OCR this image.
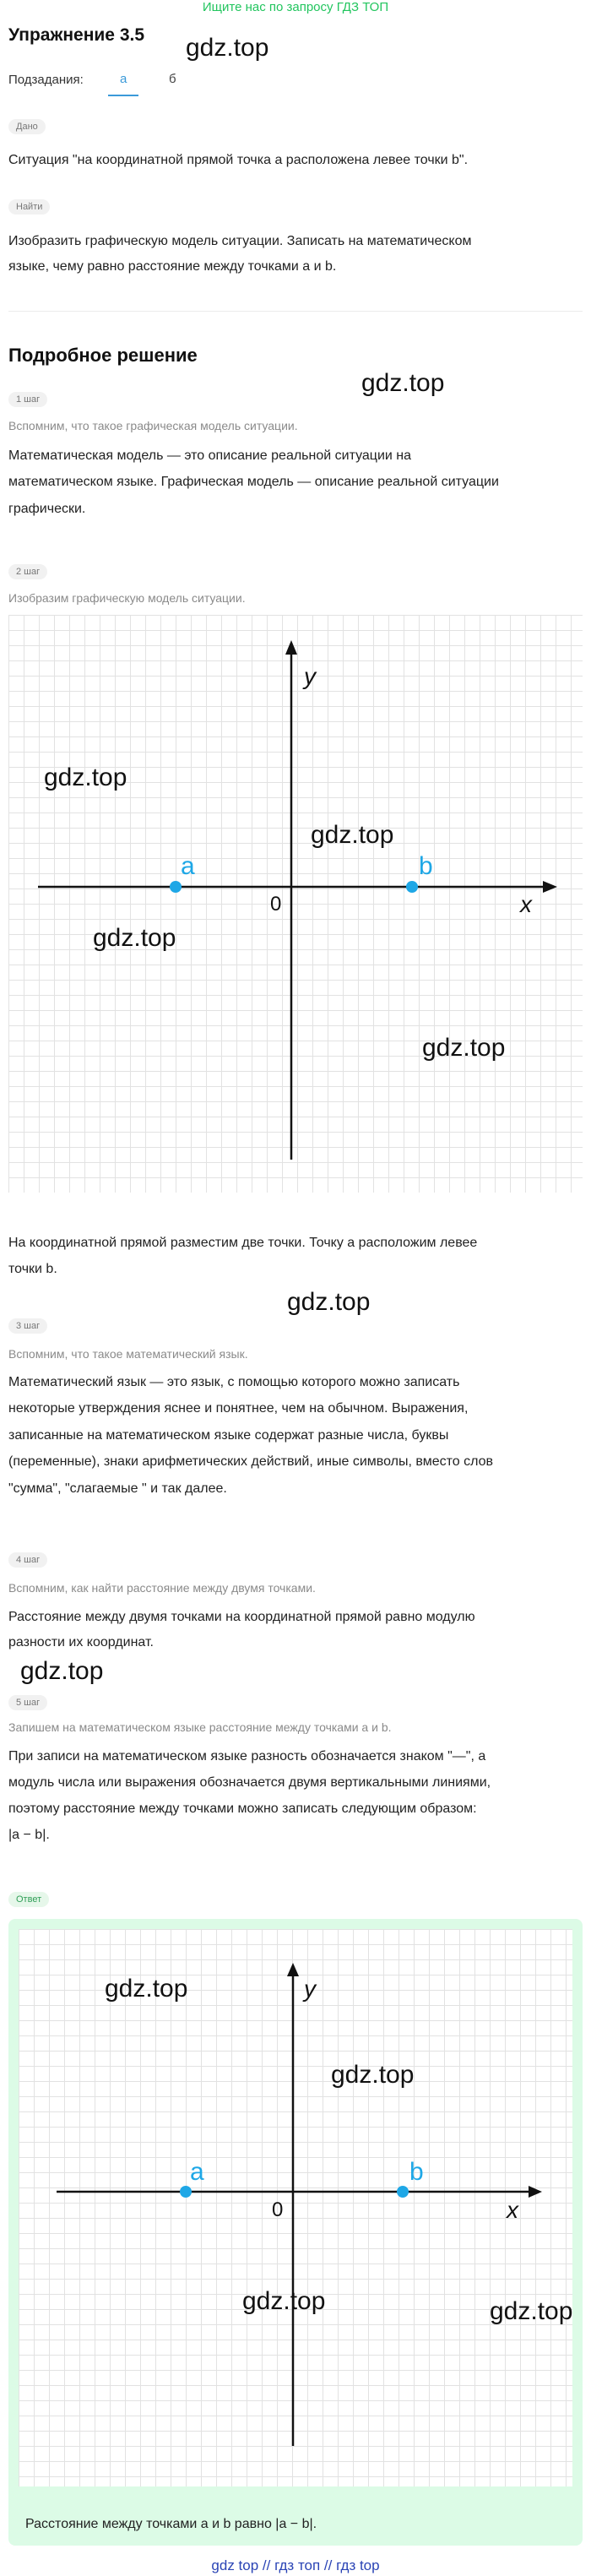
Ищите нас по запросу ГДЗ ТОП
Упражнение 3.5 gdz.top
Подзадания:	а	б
Дано
Ситуация "на координатной прямой точка a расположена левее точки b".
Найти
Изобразить графическую модель ситуации. Записать на математическом
языке, чему равно расстояние между точками a и b.
Подробное решение
gdz.top
1 шаг
Вспомним, что такое графическая модель ситуации.
Математическая модель — это описание реальной ситуации на
математическом языке. Графическая модель — описание реальной ситуации
графически.
2 шаг
Изобразим графическую модель ситуации.
a	b
0	x
y
gdz.top
gdz.top
gdz.top
gdz.top
На координатной прямой разместим две точки. Точку a расположим левее
точки b.
gdz.top
3 шаг
Вспомним, что такое математический язык.
Математический язык — это язык, с помощью которого можно записать
некоторые утверждения яснее и понятнее, чем на обычном. Выражения,
записанные на математическом языке содержат разные числа, буквы
(переменные), знаки арифметических действий, иные символы, вместо слов
"сумма", "слагаемые " и так далее.
4 шаг
Вспомним, как найти расстояние между двумя точками.
Расстояние между двумя точками на координатной прямой равно модулю
разности их координат.
gdz.top
5 шаг
Запишем на математическом языке расстояние между точками a и b.
При записи на математическом языке разность обозначается знаком "—", а
модуль числа или выражения обозначается двумя вертикальными линиями,
поэтому расстояние между точками можно записать следующим образом:
|a − b|.
Ответ
a	b
0	x
y
gdz.top
gdz.top
gdz.top	gdz.top
Расстояние между точками a и b равно |a − b|.
gdz top // гдз топ // гдз top
